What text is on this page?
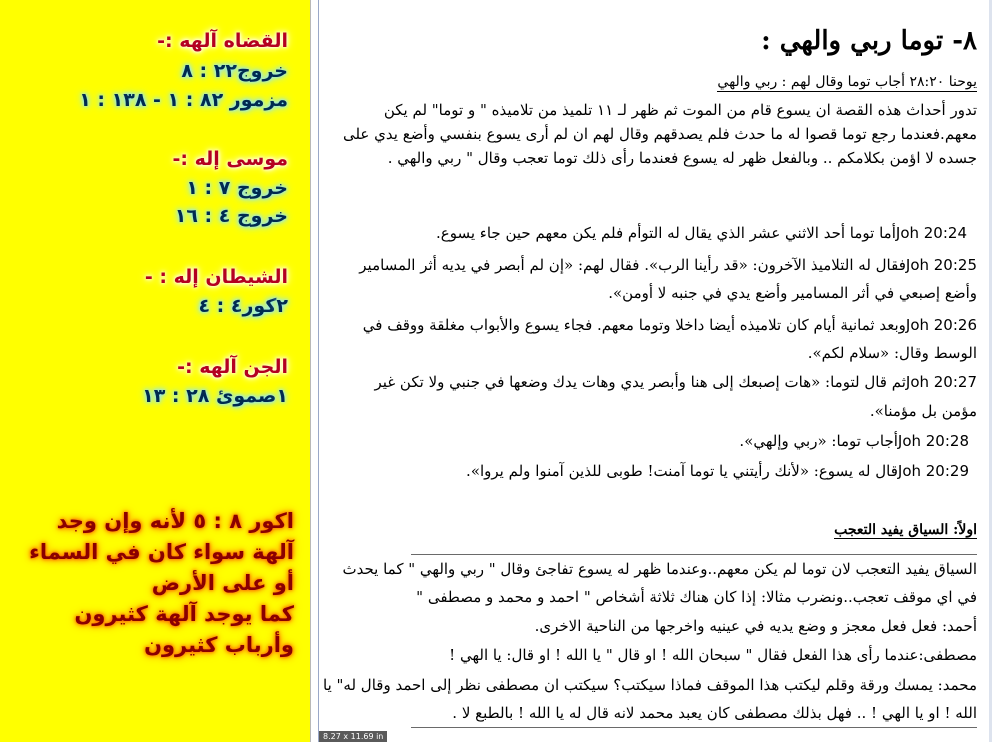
القضاه آلهه :-
خروج٢٢ : ٨
مزمور ٨٢ : ١ - ١٣٨ : ١
موسى إله :-
خروج ٧ : ١
خروج ٤ : ١٦
الشيطان إله : -
٢كور٤ : ٤
الجن آلهه :-
١صموئ ٢٨ : ١٣
اكور ٨ : ٥ لأنه وإن وجد
آلهة سواء كان في السماء
أو على الأرض
كما يوجد آلهة كثيرون
وأرباب كثيرون
٨- توما ربي والهي :
يوحنا ٢٨:٢٠ أجاب توما وقال لهم : ربي والهي
تدور أحداث هذه القصة ان يسوع قام من الموت ثم ظهر لـ ١١ تلميذ من تلاميذه " و توما" لم يكن
معهم.فعندما رجع توما قصوا له ما حدث فلم يصدقهم وقال لهم ان لم أرى يسوع بنفسي وأضع يدي على
جسده لا اؤمن بكلامكم .. وبالفعل ظهر له يسوع فعندما رأى ذلك توما تعجب وقال " ربي والهي .
Joh 20:24أما توما أحد الاثني عشر الذي يقال له التوأم فلم يكن معهم حين جاء يسوع.
Joh 20:25فقال له التلاميذ الآخرون: «قد رأينا الرب». فقال لهم: «إن لم أبصر في يديه أثر المسامير
وأضع إصبعي في أثر المسامير وأضع يدي في جنبه لا أومن».
Joh 20:26وبعد ثمانية أيام كان تلاميذه أيضا داخلا وتوما معهم. فجاء يسوع والأبواب مغلقة ووقف في
الوسط وقال: «سلام لكم».
Joh 20:27ثم قال لتوما: «هات إصبعك إلى هنا وأبصر يدي وهات يدك وضعها في جنبي ولا تكن غير
مؤمن بل مؤمنا».
Joh 20:28أجاب توما: «ربي وإلهي».
Joh 20:29قال له يسوع: «لأنك رأيتني يا توما آمنت! طوبى للذين آمنوا ولم يروا».
اولاً: السياق يفيد التعجب
السياق يفيد التعجب لان توما لم يكن معهم..وعندما ظهر له يسوع تفاجئ وقال " ربي والهي " كما يحدث
في اي موقف تعجب..ونضرب مثالا: إذا كان هناك ثلاثة أشخاص " احمد و محمد و مصطفى "
أحمد: فعل فعل معجز و وضع يديه في عينيه واخرجها من الناحية الاخرى.
مصطفى:عندما رأى هذا الفعل فقال " سبحان الله ! او قال " يا الله ! او قال: يا الهي !
محمد: يمسك ورقة وقلم ليكتب هذا الموقف فماذا سيكتب؟ سيكتب ان مصطفى نظر إلى احمد وقال له" يا
الله ! او يا الهي ! .. فهل بذلك مصطفى كان يعبد محمد لانه قال له يا الله ! بالطبع لا .
8.27 x 11.69 in
